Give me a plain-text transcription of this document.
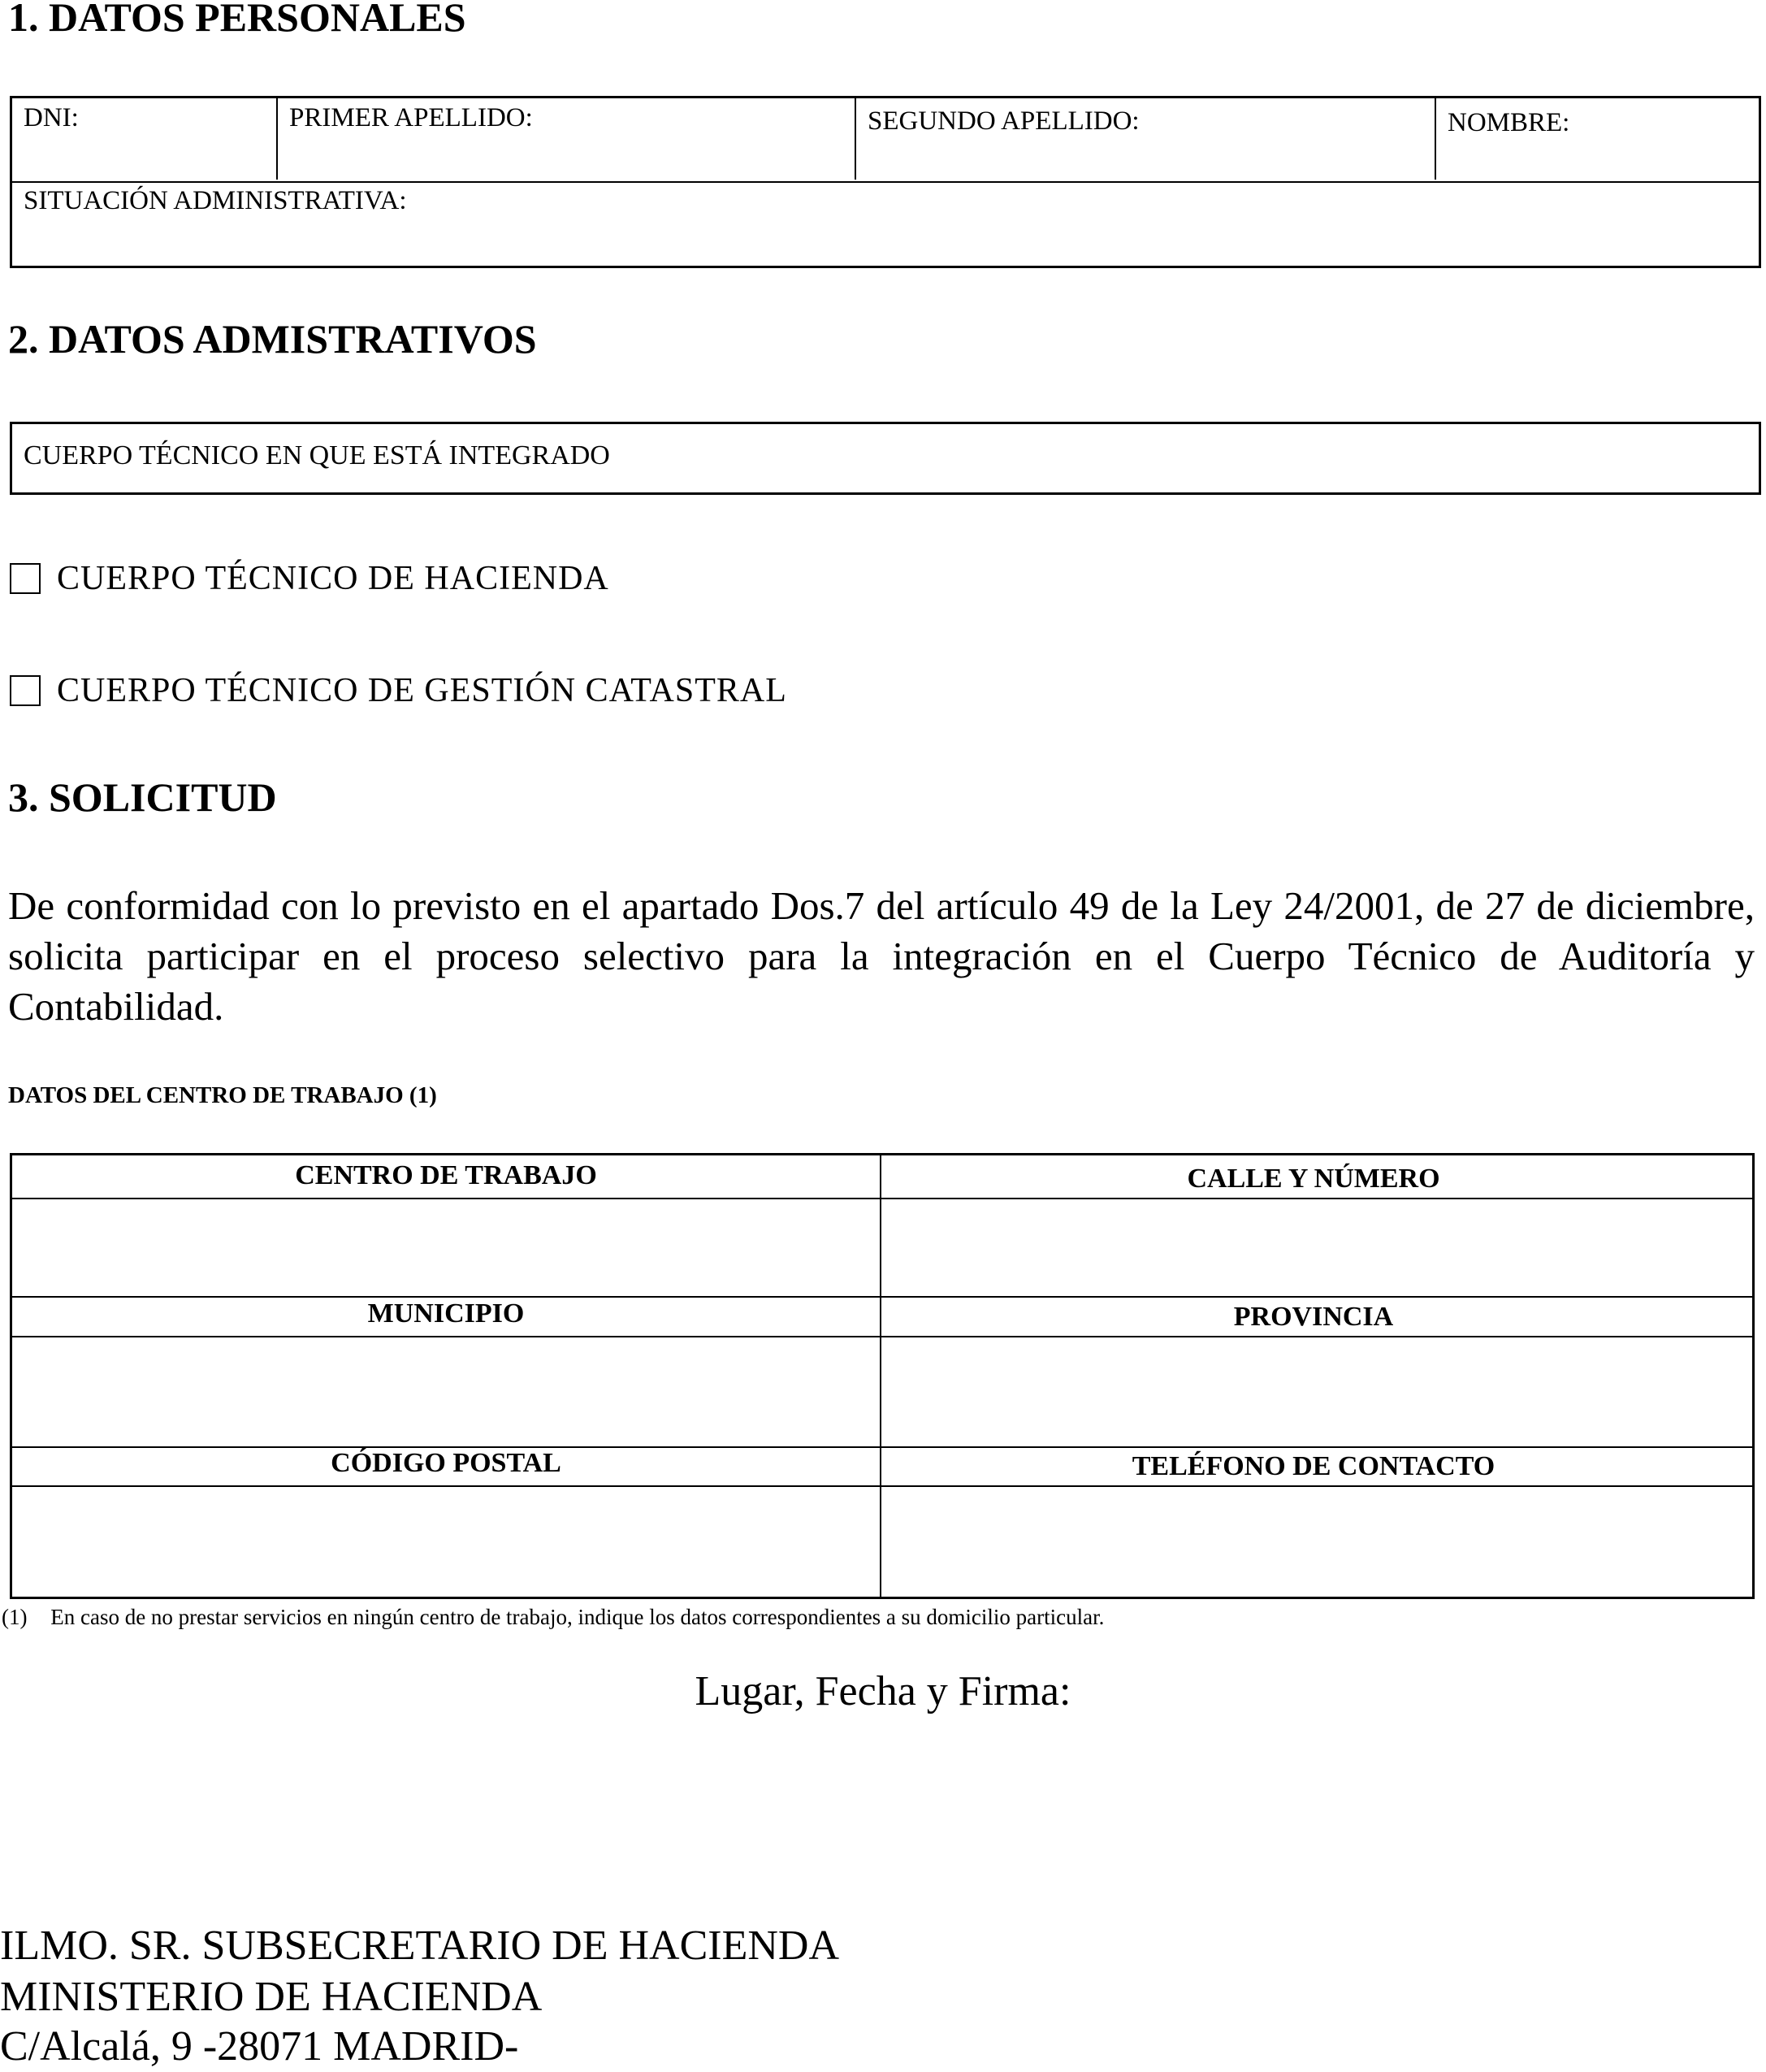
1. DATOS PERSONALES
DNI:	PRIMER APELLIDO:	SEGUNDO APELLIDO:	NOMBRE:
SITUACIÓN ADMINISTRATIVA:
2. DATOS ADMISTRATIVOS
CUERPO TÉCNICO EN QUE ESTÁ INTEGRADO
CUERPO TÉCNICO DE HACIENDA
CUERPO TÉCNICO DE GESTIÓN CATASTRAL
3. SOLICITUD
De conformidad con lo previsto en el apartado Dos.7 del artículo 49 de la Ley 24/2001, de 27 de diciembre, solicita participar en el proceso selectivo para la integración en el Cuerpo Técnico de Auditoría y Contabilidad.
DATOS DEL CENTRO DE TRABAJO (1)
CENTRO DE TRABAJO	CALLE Y NÚMERO
MUNICIPIO	PROVINCIA
CÓDIGO POSTAL	TELÉFONO DE CONTACTO
(1) En caso de no prestar servicios en ningún centro de trabajo, indique los datos correspondientes a su domicilio particular.
Lugar, Fecha y Firma:
ILMO. SR. SUBSECRETARIO DE HACIENDA
MINISTERIO DE HACIENDA
C/Alcalá, 9 -28071 MADRID-
